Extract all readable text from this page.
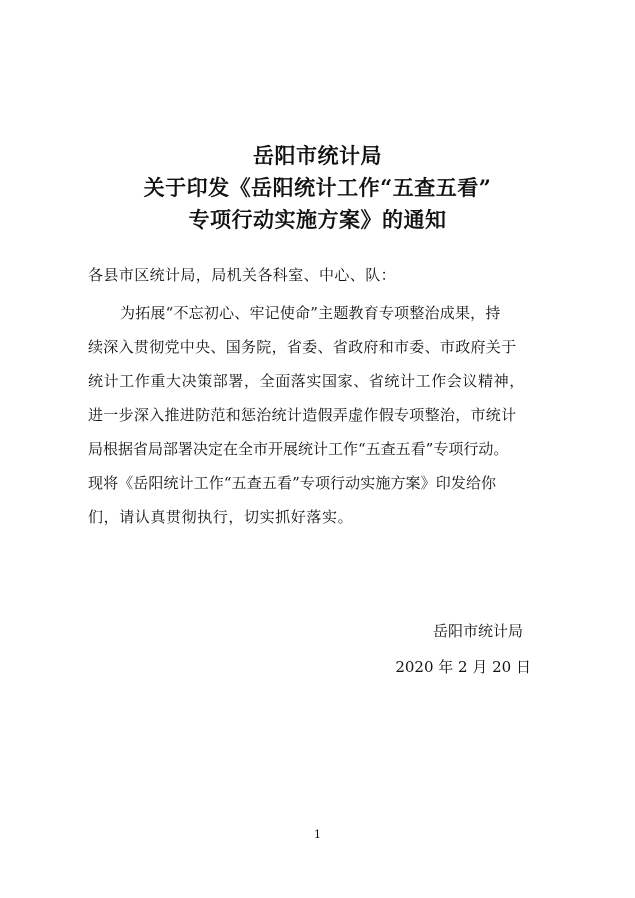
岳阳市统计局
关于印发《岳阳统计工作“五查五看”
专项行动实施方案》的通知
各县市区统计局，局机关各科室、中心、队：
为拓展“不忘初心、牢记使命”主题教育专项整治成果，持
续深入贯彻党中央、国务院，省委、省政府和市委、市政府关于
统计工作重大决策部署，全面落实国家、省统计工作会议精神，
进一步深入推进防范和惩治统计造假弄虚作假专项整治，市统计
局根据省局部署决定在全市开展统计工作“五查五看”专项行动。
现将《岳阳统计工作“五查五看”专项行动实施方案》印发给你
们，请认真贯彻执行，切实抓好落实。
岳阳市统计局
2020 年 2 月 20 日
1
